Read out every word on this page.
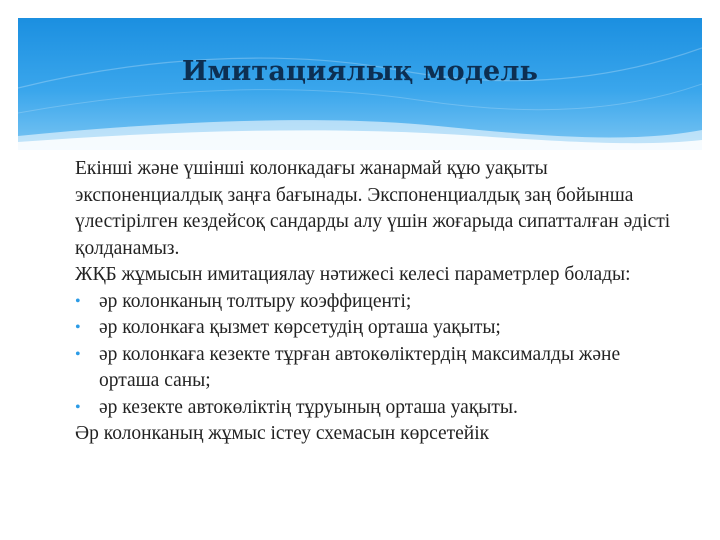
Имитациялық модель

Екінші және үшінші колонкадағы жанармай құю уақыты экспоненциалдық заңға бағынады. Экспоненциалдық заң бойынша үлестірілген кездейсоқ сандарды алу үшін жоғарыда сипатталған әдісті қолданамыз.

ЖҚБ жұмысын имитациялау нәтижесі келесі параметрлер болады:

• әр колонканың толтыру коэффиценті;
• әр колонкаға қызмет көрсетудің орташа уақыты;
• әр колонкаға кезекте тұрған автокөліктердің максималды және орташа саны;
• әр кезекте автокөліктің тұруының орташа уақыты.

Әр колонканың жұмыс істеу схемасын көрсетейік
